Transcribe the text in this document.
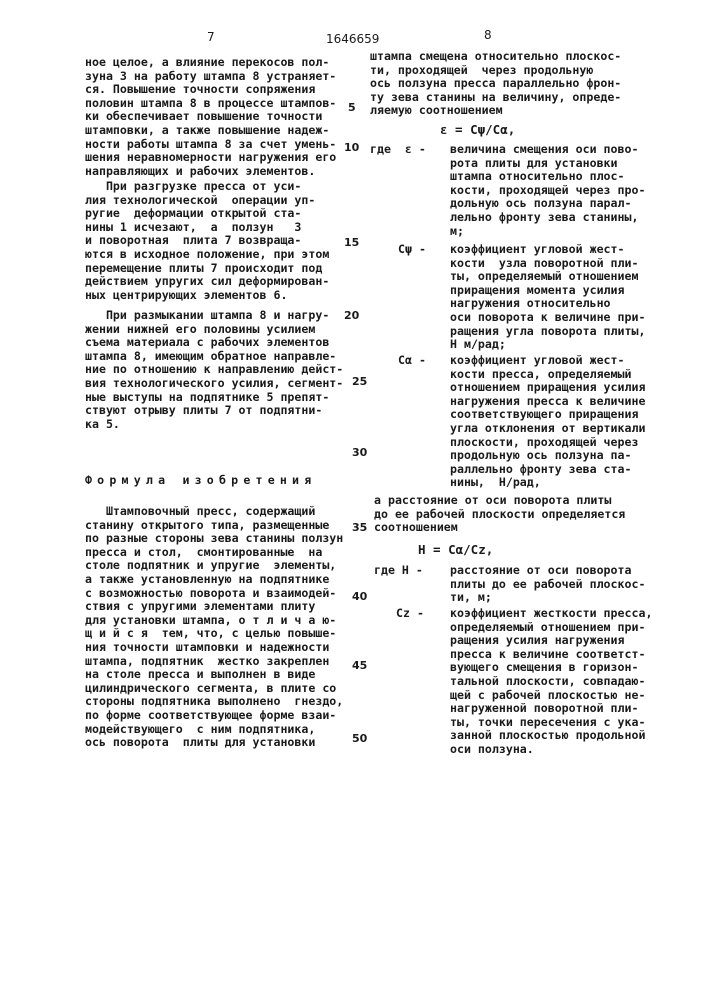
7	1646659	8
5
10
15
20
25
30
35
40
45
50
ное целое, а влияние перекосов пол-
зуна 3 на работу штампа 8 устраняет-
ся. Повышение точности сопряжения
половин штампа 8 в процессе штампов-
ки обеспечивает повышение точности
штамповки, а также повышение надеж-
ности работы штампа 8 за счет умень-
шения неравномерности нагружения его
направляющих и рабочих элементов.
При разгрузке пресса от уси-
лия технологической  операции уп-
ругие  деформации открытой ста-
нины 1 исчезают,  а  ползун   3
и поворотная  плита 7 возвраща-
ются в исходное положение, при этом
перемещение плиты 7 происходит под
действием упругих сил деформирован-
ных центрирующих элементов 6.
При размыкании штампа 8 и нагру-
жении нижней его половины усилием
съема материала с рабочих элементов
штампа 8, имеющим обратное направле-
ние по отношению к направлению дейст-
вия технологического усилия, сегмент-
ные выступы на подпятнике 5 препят-
ствуют отрыву плиты 7 от подпятни-
ка 5.
Формула изобретения
Штамповочный пресс, содержащий
станину открытого типа, размещенные
по разные стороны зева станины ползун
пресса и стол,  смонтированные  на
столе подпятник и упругие  элементы,
а также установленную на подпятнике
с возможностью поворота и взаимодей-
ствия с упругими элементами плиту
для установки штампа, о т л и ч а ю-
щ и й с я  тем, что, с целью повыше-
ния точности штамповки и надежности
штампа, подпятник  жестко закреплен
на столе пресса и выполнен в виде
цилиндрического сегмента, в плите со
стороны подпятника выполнено  гнездо,
по форме соответствующее форме взаи-
модействующего  с ним подпятника,
ось поворота  плиты для установки
штампа смещена относительно плоскос-
ти, проходящей  через продольную
ось ползуна пресса параллельно фрон-
ту зева станины на величину, опреде-
ляемую соотношением
ε = Cψ/Cα,
где  ε - величина смещения оси пово-
рота плиты для установки
штампа относительно плос-
кости, проходящей через про-
дольную ось ползуна парал-
лельно фронту зева станины,
м;
Cψ - коэффициент угловой жест-
кости  узла поворотной пли-
ты, определяемый отношением
приращения момента усилия
нагружения относительно
оси поворота к величине при-
ращения угла поворота плиты,
Н м/рад;
Cα - коэффициент угловой жест-
кости пресса, определяемый
отношением приращения усилия
нагружения пресса к величине
соответствующего приращения
угла отклонения от вертикали
плоскости, проходящей через
продольную ось ползуна па-
раллельно фронту зева ста-
нины,  Н/рад,
а расстояние от оси поворота плиты
до ее рабочей плоскости определяется
соотношением
H = Cα/Cz,
где H - расстояние от оси поворота
плиты до ее рабочей плоскос-
ти, м;
Cz - коэффициент жесткости пресса,
определяемый отношением при-
ращения усилия нагружения
пресса к величине соответст-
вующего смещения в горизон-
тальной плоскости, совпадаю-
щей с рабочей плоскостью не-
нагруженной поворотной пли-
ты, точки пересечения с ука-
занной плоскостью продольной
оси ползуна.
